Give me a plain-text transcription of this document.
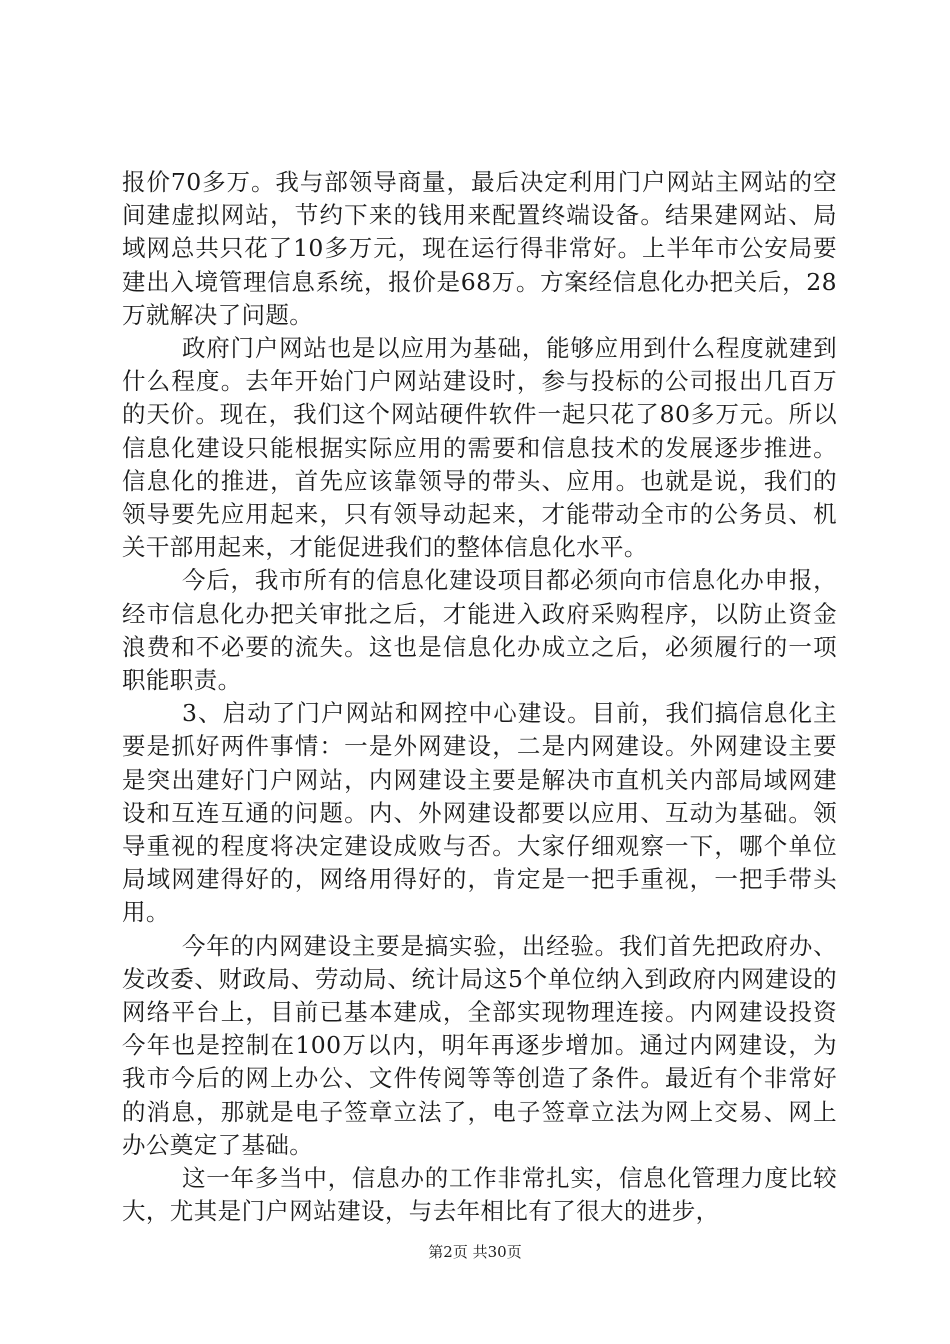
报价70多万。我与部领导商量，最后决定利用门户网站主网站的空间建虚拟网站，节约下来的钱用来配置终端设备。结果建网站、局域网总共只花了10多万元，现在运行得非常好。上半年市公安局要建出入境管理信息系统，报价是68万。方案经信息化办把关后，28万就解决了问题。

政府门户网站也是以应用为基础，能够应用到什么程度就建到什么程度。去年开始门户网站建设时，参与投标的公司报出几百万的天价。现在，我们这个网站硬件软件一起只花了80多万元。所以信息化建设只能根据实际应用的需要和信息技术的发展逐步推进。信息化的推进，首先应该靠领导的带头、应用。也就是说，我们的领导要先应用起来，只有领导动起来，才能带动全市的公务员、机关干部用起来，才能促进我们的整体信息化水平。

今后，我市所有的信息化建设项目都必须向市信息化办申报，经市信息化办把关审批之后，才能进入政府采购程序，以防止资金浪费和不必要的流失。这也是信息化办成立之后，必须履行的一项职能职责。

3、启动了门户网站和网控中心建设。目前，我们搞信息化主要是抓好两件事情：一是外网建设，二是内网建设。外网建设主要是突出建好门户网站，内网建设主要是解决市直机关内部局域网建设和互连互通的问题。内、外网建设都要以应用、互动为基础。领导重视的程度将决定建设成败与否。大家仔细观察一下，哪个单位局域网建得好的，网络用得好的，肯定是一把手重视，一把手带头用。

今年的内网建设主要是搞实验，出经验。我们首先把政府办、发改委、财政局、劳动局、统计局这5个单位纳入到政府内网建设的网络平台上，目前已基本建成，全部实现物理连接。内网建设投资今年也是控制在100万以内，明年再逐步增加。通过内网建设，为我市今后的网上办公、文件传阅等等创造了条件。最近有个非常好的消息，那就是电子签章立法了，电子签章立法为网上交易、网上办公奠定了基础。

这一年多当中，信息办的工作非常扎实，信息化管理力度比较大，尤其是门户网站建设，与去年相比有了很大的进步，

第2页 共30页
